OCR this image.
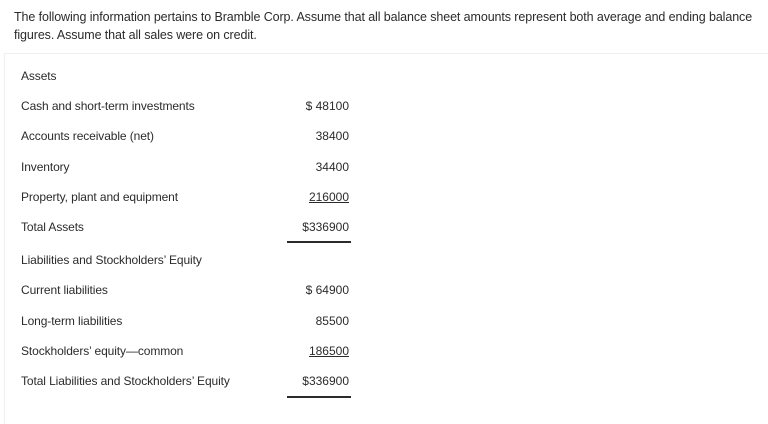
The following information pertains to Bramble Corp. Assume that all balance sheet amounts represent both average and ending balance figures. Assume that all sales were on credit.
Assets
Cash and short-term investments	$ 48100
Accounts receivable (net)	38400
Inventory	34400
Property, plant and equipment	216000
Total Assets	$336900
Liabilities and Stockholders’ Equity
Current liabilities	$ 64900
Long-term liabilities	85500
Stockholders’ equity—common	186500
Total Liabilities and Stockholders’ Equity	$336900
